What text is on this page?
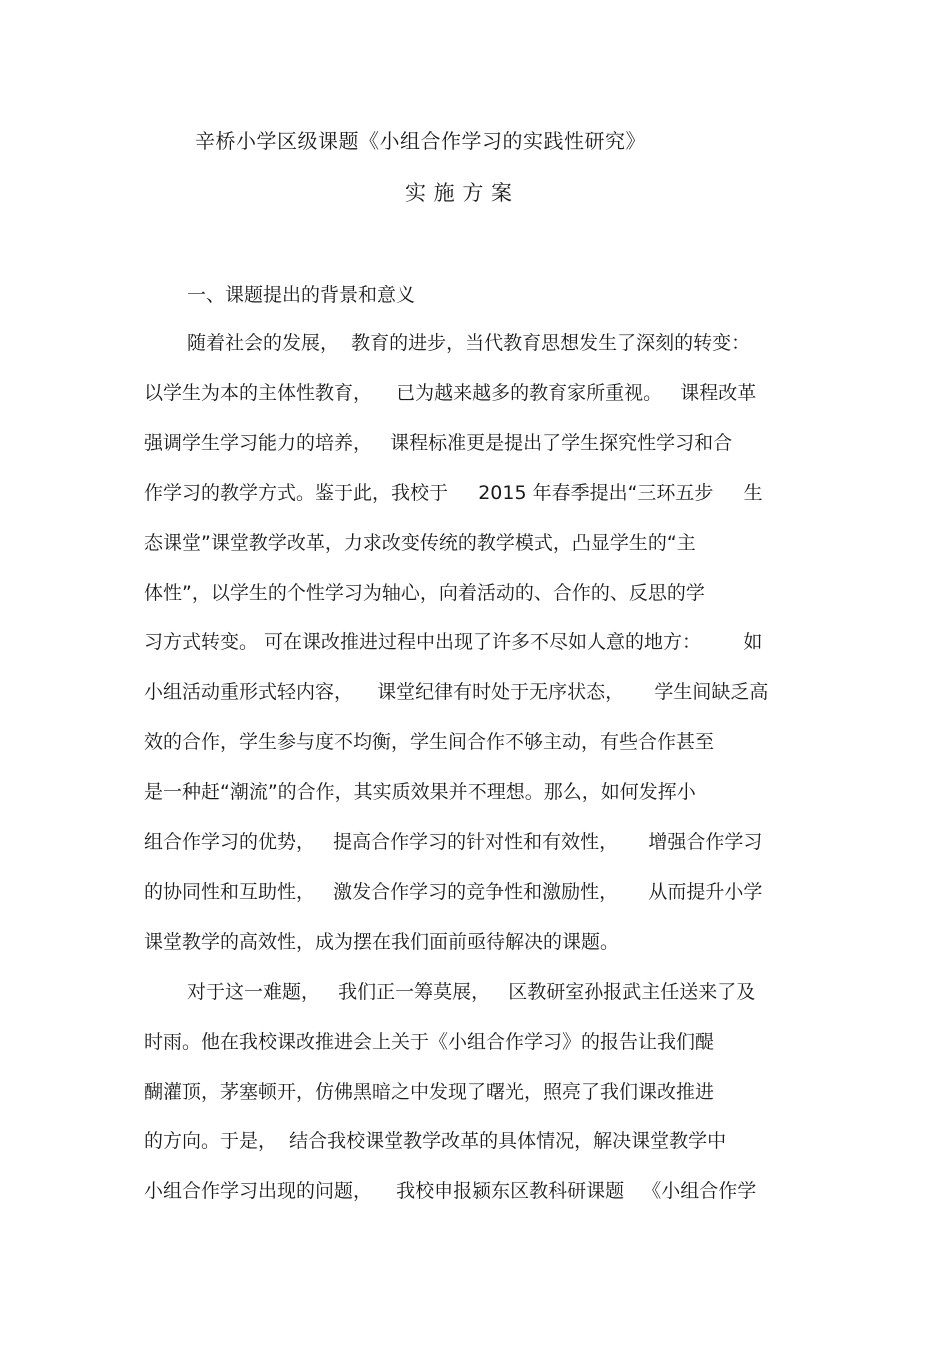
辛桥小学区级课题《小组合作学习的实践性研究》
实 施 方 案
一、课题提出的背景和意义
随着社会的发展，  教育的进步，当代教育思想发生了深刻的转变：
以学生为本的主体性教育，    已为越来越多的教育家所重视。   课程改革
强调学生学习能力的培养，   课程标准更是提出了学生探究性学习和合
作学习的教学方式。鉴于此，我校于     2015 年春季提出“三环五步     生
态课堂”课堂教学改革，力求改变传统的教学模式，凸显学生的“主
体性”，以学生的个性学习为轴心，向着活动的、合作的、反思的学
习方式转变。 可在课改推进过程中出现了许多不尽如人意的地方：       如
小组活动重形式轻内容，    课堂纪律有时处于无序状态，     学生间缺乏高
效的合作，学生参与度不均衡，学生间合作不够主动，有些合作甚至
是一种赶“潮流”的合作，其实质效果并不理想。那么，如何发挥小
组合作学习的优势，   提高合作学习的针对性和有效性，     增强合作学习
的协同性和互助性，   激发合作学习的竞争性和激励性，     从而提升小学
课堂教学的高效性，成为摆在我们面前亟待解决的课题。
对于这一难题，   我们正一筹莫展，   区教研室孙报武主任送来了及
时雨。他在我校课改推进会上关于《小组合作学习》的报告让我们醍
醐灌顶，茅塞顿开，仿佛黑暗之中发现了曙光，照亮了我们课改推进
的方向。于是，  结合我校课堂教学改革的具体情况，解决课堂教学中
小组合作学习出现的问题，    我校申报颍东区教科研课题   《小组合作学
